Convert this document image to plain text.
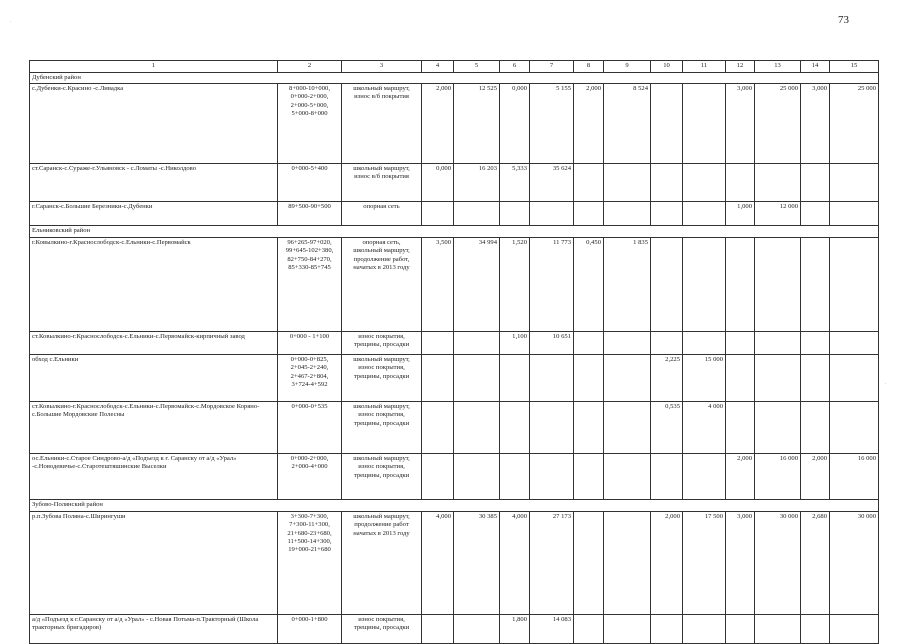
73
1	2	3	4	5	6	7	8	9	10	11	12	13	14	15
Дубенский район														
с.Дубенки-с.Красино -с.Ливадка	8+000-10+000,
0+000-2+000,
2+000-5+000,
5+000-8+000	школьный маршрут,
износ в/б покрытия	2,000	12 525	0,000	5 155	2,000	8 524			3,000	25 000	3,000	25 000
ст.Саранск-с.Сураже-г.Ульяновск - с.Ломаты -с.Николдово	0+000-5+400	школьный маршрут,
износ в/б покрытия	0,000	16 203	5,333	35 624								
г.Саранск-с.Большие Березники-с.Дубенки	89+500-90+500	опорная сеть									1,000	12 000		
Ельниковский район														
г.Ковылкино-г.Краснослободск-с.Ельники-с.Первомайск	96+265-97+020,
99+645-102+380,
82+750-84+270,
85+330-85+745	опорная сеть,
школьный маршрут,
продолжение работ,
начатых в 2013 году	3,500	34 994	1,520	11 773	0,450	1 835						
ст.Ковылкино-г.Краснослободск-с.Ельники-с.Первомайск-кирпичный завод	0+000 - 1+100	износ покрытия,
трещины, просадки			1,100	10 651								
обход с.Ельники	0+000-0+825,
2+045-2+240,
2+467-2+804,
3+724-4+592	школьный маршрут,
износ покрытия,
трещины, просадки							2,225	15 000				
ст.Ковылкино-г.Краснослободск-с.Ельники-с.Первомайск-с.Мордовское Коряно-с.Большие Мордовские Полесны	0+000-0+535	школьный маршрут,
износ покрытия,
трещины, просадки							0,535	4 000				
ос.Ельники-с.Старое Синдрово-а/д «Подъезд к г. Саранску от а/д «Урал» -с.Новодевичье-с.Старотештяшинские Выселки	0+000-2+000,
2+000-4+000	школьный маршрут,
износ покрытия,
трещины, просадки									2,000	16 000	2,000	16 000
Зубово-Полянский район														
р.п.Зубова Поляна-с.Ширингуши	3+300-7+300,
7+300-11+300,
21+680-23+680,
11+500-14+300,
19+000-21+680	школьный маршрут,
продолжение работ
начатых в 2013 году	4,000	30 385	4,000	27 173			2,000	17 500	3,000	30 000	2,680	30 000
а/д «Подъезд к г.Саранску от а/д «Урал» - с.Новая Потьма-п.Тракторный (Школа тракторных бригадиров)	0+000-1+800	износ покрытия,
трещины, просадки			1,800	14 083								
.
.
